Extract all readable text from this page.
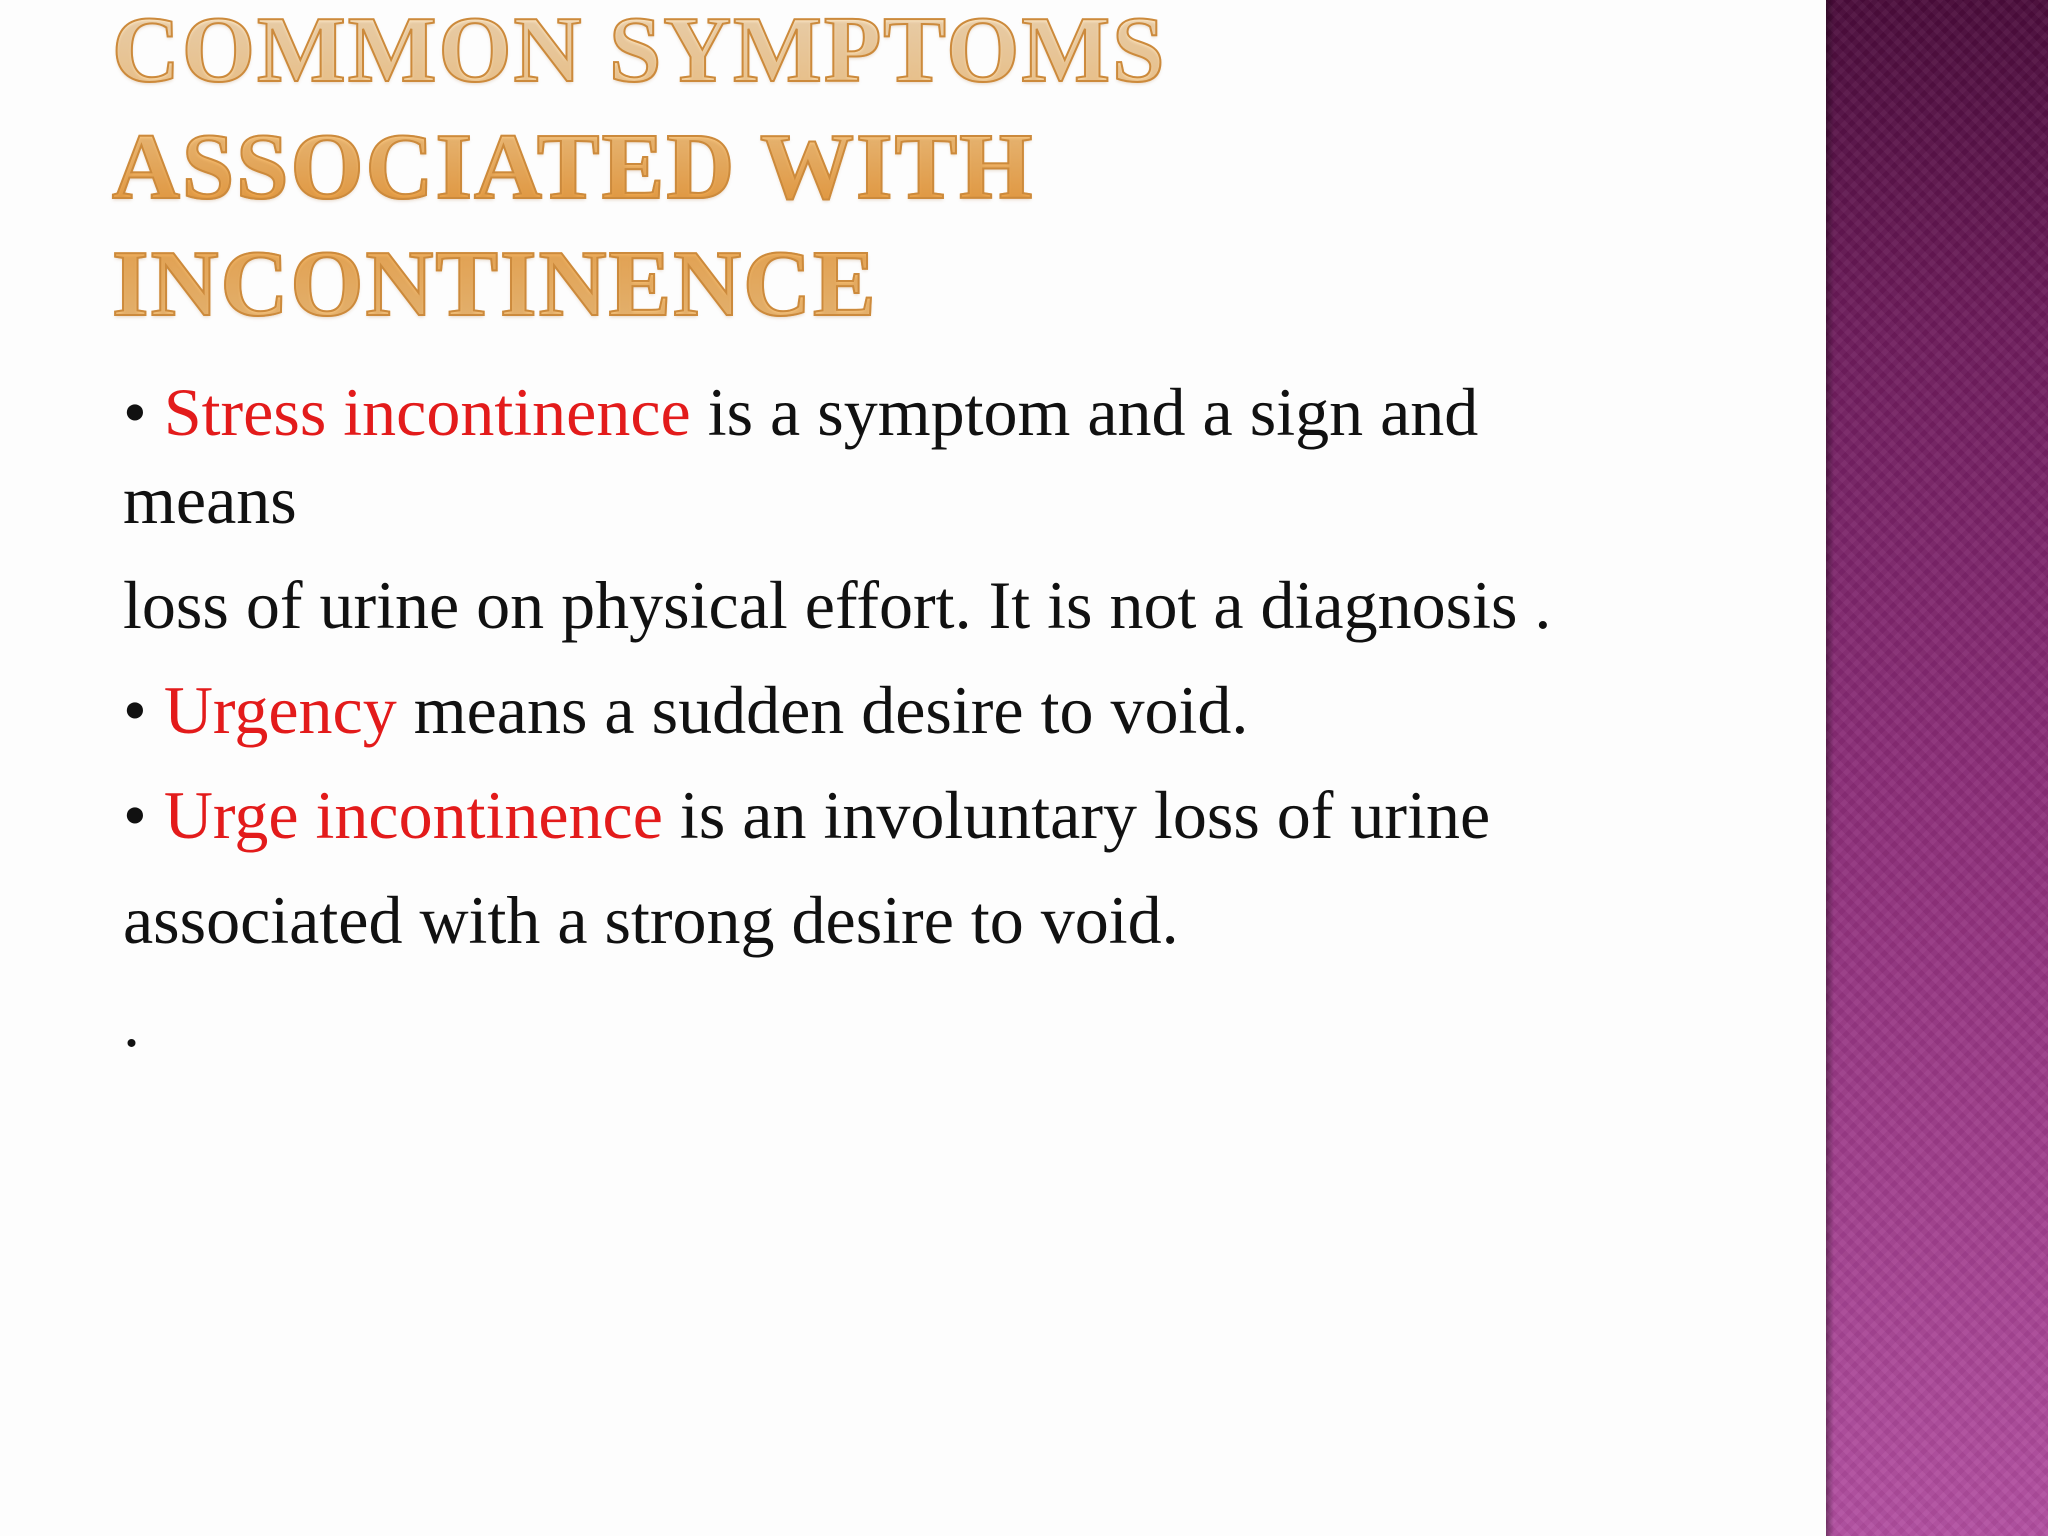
COMMON SYMPTOMS
ASSOCIATED WITH
INCONTINENCE
• Stress incontinence is a symptom and a sign and
means
loss of urine on physical effort. It is not a diagnosis .
• Urgency means a sudden desire to void.
• Urge incontinence is an involuntary loss of urine
associated with a strong desire to void.
.
